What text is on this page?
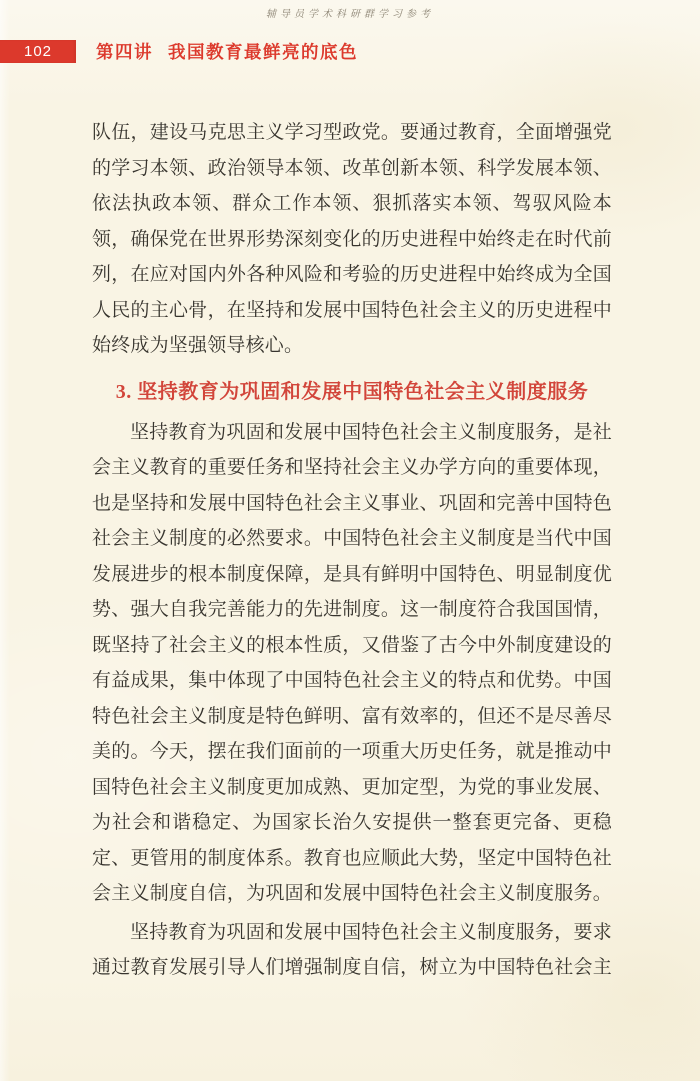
辅导员学术科研群学习参考
102	第四讲 我国教育最鲜亮的底色
队伍，建设马克思主义学习型政党。要通过教育，全面增强党
的学习本领、政治领导本领、改革创新本领、科学发展本领、
依法执政本领、群众工作本领、狠抓落实本领、驾驭风险本
领，确保党在世界形势深刻变化的历史进程中始终走在时代前
列，在应对国内外各种风险和考验的历史进程中始终成为全国
人民的主心骨，在坚持和发展中国特色社会主义的历史进程中
始终成为坚强领导核心。
3. 坚持教育为巩固和发展中国特色社会主义制度服务
坚持教育为巩固和发展中国特色社会主义制度服务，是社
会主义教育的重要任务和坚持社会主义办学方向的重要体现，
也是坚持和发展中国特色社会主义事业、巩固和完善中国特色
社会主义制度的必然要求。中国特色社会主义制度是当代中国
发展进步的根本制度保障，是具有鲜明中国特色、明显制度优
势、强大自我完善能力的先进制度。这一制度符合我国国情，
既坚持了社会主义的根本性质，又借鉴了古今中外制度建设的
有益成果，集中体现了中国特色社会主义的特点和优势。中国
特色社会主义制度是特色鲜明、富有效率的，但还不是尽善尽
美的。今天，摆在我们面前的一项重大历史任务，就是推动中
国特色社会主义制度更加成熟、更加定型，为党的事业发展、
为社会和谐稳定、为国家长治久安提供一整套更完备、更稳
定、更管用的制度体系。教育也应顺此大势，坚定中国特色社
会主义制度自信，为巩固和发展中国特色社会主义制度服务。
坚持教育为巩固和发展中国特色社会主义制度服务，要求
通过教育发展引导人们增强制度自信，树立为中国特色社会主
